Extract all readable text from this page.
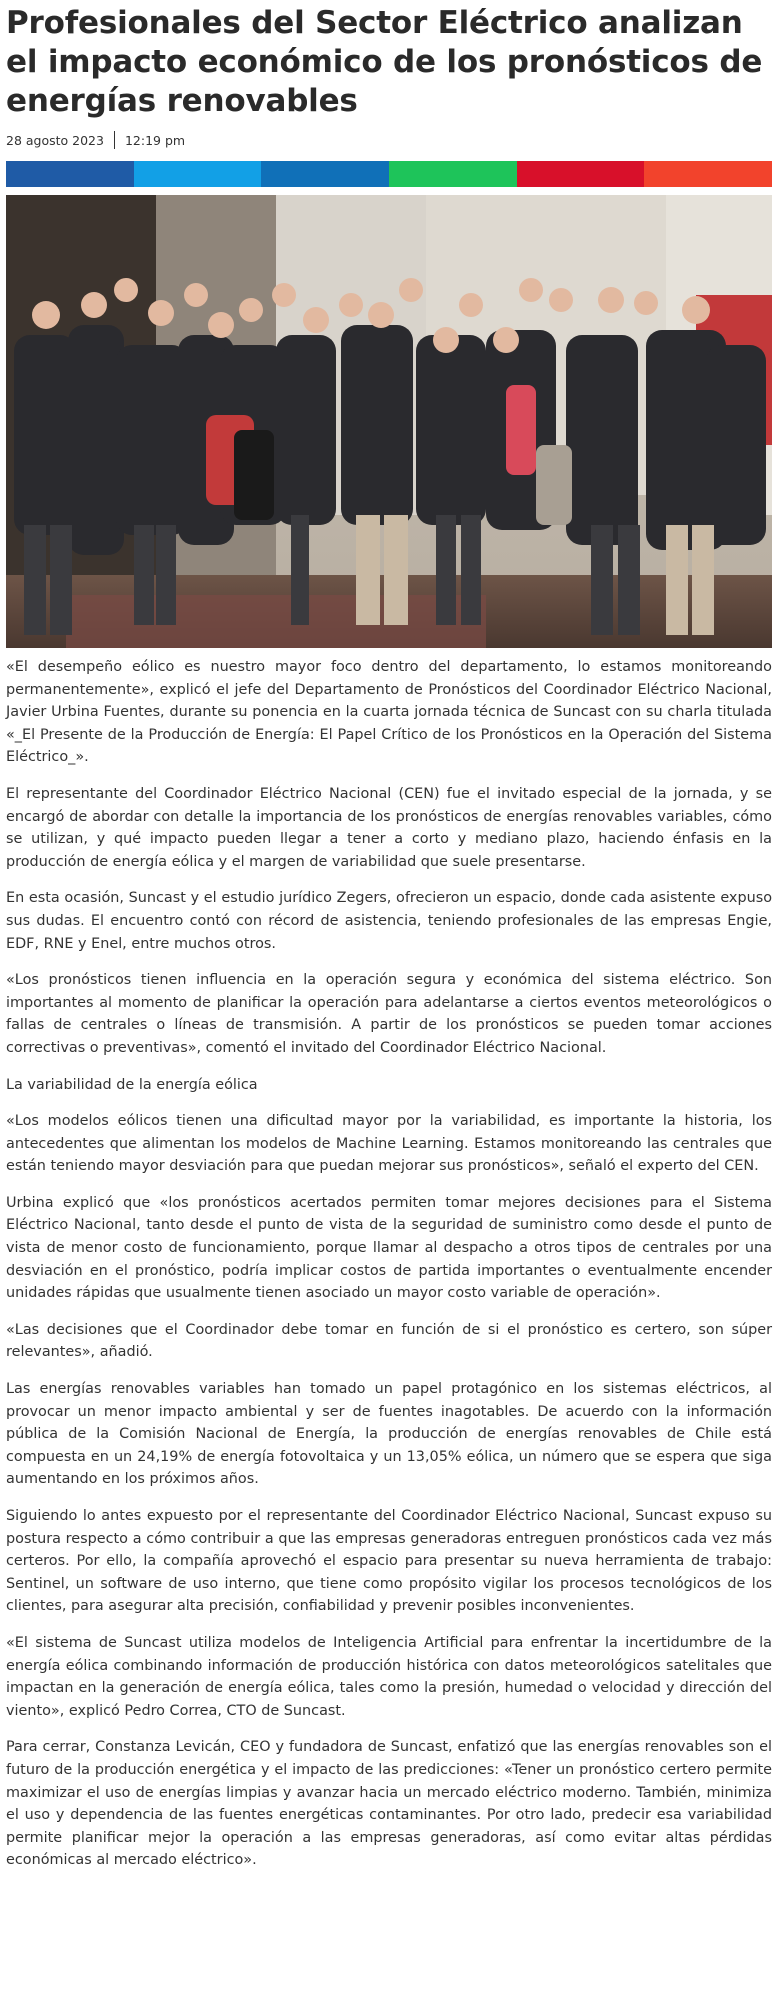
Profesionales del Sector Eléctrico analizan el impacto económico de los pronósticos de energías renovables
28 agosto 2023 12:19 pm

«El desempeño eólico es nuestro mayor foco dentro del departamento, lo estamos monitoreando permanentemente», explicó el jefe del Departamento de Pronósticos del Coordinador Eléctrico Nacional, Javier Urbina Fuentes, durante su ponencia en la cuarta jornada técnica de Suncast con su charla titulada «_El Presente de la Producción de Energía: El Papel Crítico de los Pronósticos en la Operación del Sistema Eléctrico_».

El representante del Coordinador Eléctrico Nacional (CEN) fue el invitado especial de la jornada, y se encargó de abordar con detalle la importancia de los pronósticos de energías renovables variables, cómo se utilizan, y qué impacto pueden llegar a tener a corto y mediano plazo, haciendo énfasis en la producción de energía eólica y el margen de variabilidad que suele presentarse.

En esta ocasión, Suncast y el estudio jurídico Zegers, ofrecieron un espacio, donde cada asistente expuso sus dudas. El encuentro contó con récord de asistencia, teniendo profesionales de las empresas Engie, EDF, RNE y Enel, entre muchos otros.

«Los pronósticos tienen influencia en la operación segura y económica del sistema eléctrico. Son importantes al momento de planificar la operación para adelantarse a ciertos eventos meteorológicos o fallas de centrales o líneas de transmisión. A partir de los pronósticos se pueden tomar acciones correctivas o preventivas», comentó el invitado del Coordinador Eléctrico Nacional.

La variabilidad de la energía eólica

«Los modelos eólicos tienen una dificultad mayor por la variabilidad, es importante la historia, los antecedentes que alimentan los modelos de Machine Learning. Estamos monitoreando las centrales que están teniendo mayor desviación para que puedan mejorar sus pronósticos», señaló el experto del CEN.

Urbina explicó que «los pronósticos acertados permiten tomar mejores decisiones para el Sistema Eléctrico Nacional, tanto desde el punto de vista de la seguridad de suministro como desde el punto de vista de menor costo de funcionamiento, porque llamar al despacho a otros tipos de centrales por una desviación en el pronóstico, podría implicar costos de partida importantes o eventualmente encender unidades rápidas que usualmente tienen asociado un mayor costo variable de operación».

«Las decisiones que el Coordinador debe tomar en función de si el pronóstico es certero, son súper relevantes», añadió.

Las energías renovables variables han tomado un papel protagónico en los sistemas eléctricos, al provocar un menor impacto ambiental y ser de fuentes inagotables. De acuerdo con la información pública de la Comisión Nacional de Energía, la producción de energías renovables de Chile está compuesta en un 24,19% de energía fotovoltaica y un 13,05% eólica, un número que se espera que siga aumentando en los próximos años.

Siguiendo lo antes expuesto por el representante del Coordinador Eléctrico Nacional, Suncast expuso su postura respecto a cómo contribuir a que las empresas generadoras entreguen pronósticos cada vez más certeros. Por ello, la compañía aprovechó el espacio para presentar su nueva herramienta de trabajo: Sentinel, un software de uso interno, que tiene como propósito vigilar los procesos tecnológicos de los clientes, para asegurar alta precisión, confiabilidad y prevenir posibles inconvenientes.

«El sistema de Suncast utiliza modelos de Inteligencia Artificial para enfrentar la incertidumbre de la energía eólica combinando información de producción histórica con datos meteorológicos satelitales que impactan en la generación de energía eólica, tales como la presión, humedad o velocidad y dirección del viento», explicó Pedro Correa, CTO de Suncast.

Para cerrar, Constanza Levicán, CEO y fundadora de Suncast, enfatizó que las energías renovables son el futuro de la producción energética y el impacto de las predicciones: «Tener un pronóstico certero permite maximizar el uso de energías limpias y avanzar hacia un mercado eléctrico moderno. También, minimiza el uso y dependencia de las fuentes energéticas contaminantes. Por otro lado, predecir esa variabilidad permite planificar mejor la operación a las empresas generadoras, así como evitar altas pérdidas económicas al mercado eléctrico».
